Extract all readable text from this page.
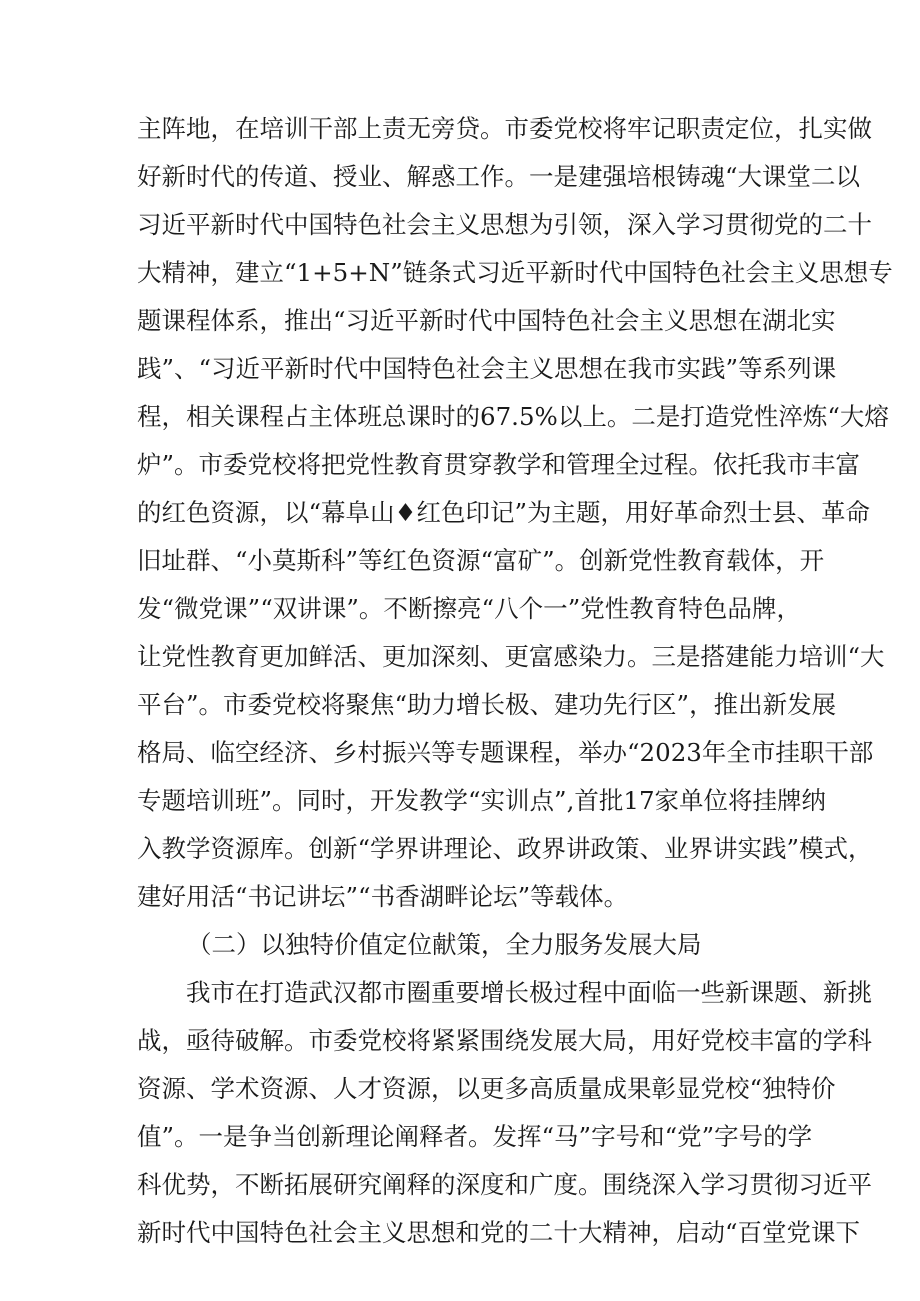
主阵地，在培训干部上责无旁贷。市委党校将牢记职责定位，扎实做
好新时代的传道、授业、解惑工作。一是建强培根铸魂“大课堂二以
习近平新时代中国特色社会主义思想为引领，深入学习贯彻党的二十
大精神，建立“1+5+N”链条式习近平新时代中国特色社会主义思想专
题课程体系，推出“习近平新时代中国特色社会主义思想在湖北实
践”、“习近平新时代中国特色社会主义思想在我市实践”等系列课
程，相关课程占主体班总课时的67.5%以上。二是打造党性淬炼“大熔
炉”。市委党校将把党性教育贯穿教学和管理全过程。依托我市丰富
的红色资源，以“幕阜山♦红色印记”为主题，用好革命烈士县、革命
旧址群、“小莫斯科”等红色资源“富矿”。创新党性教育载体，开
发“微党课”“双讲课”。不断擦亮“八个一”党性教育特色品牌，
让党性教育更加鲜活、更加深刻、更富感染力。三是搭建能力培训“大
平台”。市委党校将聚焦“助力增长极、建功先行区”，推出新发展
格局、临空经济、乡村振兴等专题课程，举办“2023年全市挂职干部
专题培训班”。同时，开发教学“实训点”,首批17家单位将挂牌纳
入教学资源库。创新“学界讲理论、政界讲政策、业界讲实践”模式，
建好用活“书记讲坛”“书香湖畔论坛”等载体。
（二）以独特价值定位献策，全力服务发展大局
我市在打造武汉都市圈重要增长极过程中面临一些新课题、新挑
战，亟待破解。市委党校将紧紧围绕发展大局，用好党校丰富的学科
资源、学术资源、人才资源，以更多高质量成果彰显党校“独特价
值”。一是争当创新理论阐释者。发挥“马”字号和“党”字号的学
科优势，不断拓展研究阐释的深度和广度。围绕深入学习贯彻习近平
新时代中国特色社会主义思想和党的二十大精神，启动“百堂党课下
